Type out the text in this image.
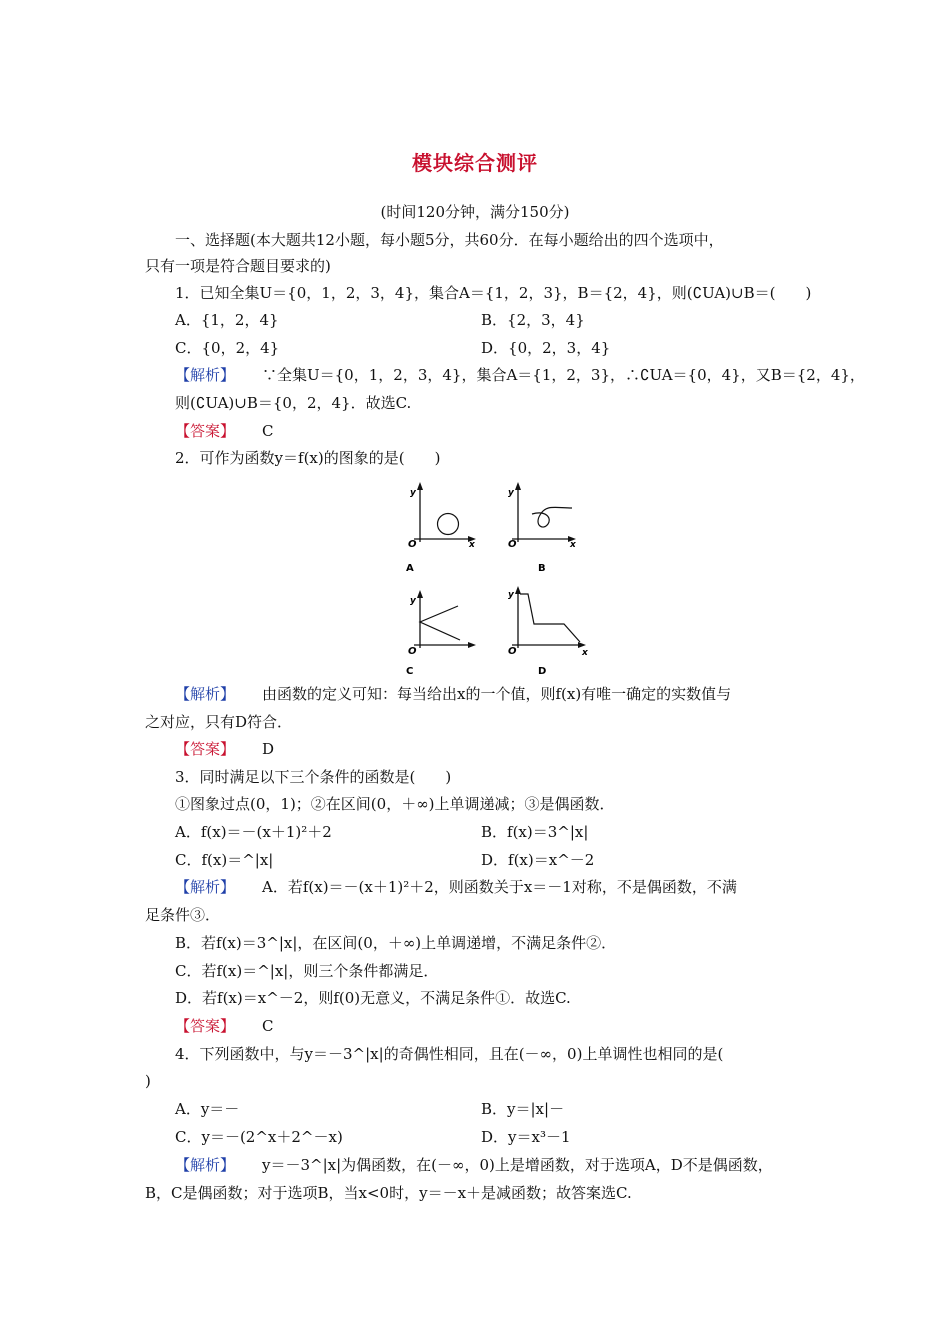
模块综合测评
(时间120分钟，满分150分)
一、选择题(本大题共12小题，每小题5分，共60分．在每小题给出的四个选项中，
只有一项是符合题目要求的)
1．已知全集U＝{0，1，2，3，4}，集合A＝{1，2，3}，B＝{2，4}，则(∁UA)∪B＝(　　)
A．{1，2，4}	B．{2，3，4}
C．{0，2，4}	D．{0，2，3，4}
【解析】 ∵全集U＝{0，1，2，3，4}，集合A＝{1，2，3}，∴∁UA＝{0，4}，又B＝{2，4}，
则(∁UA)∪B＝{0，2，4}．故选C.
【答案】 C
2．可作为函数y＝f(x)的图象的是(　　)
y
x
O
A
y
x
O
B
y
O
C
y
x
O
D
【解析】 由函数的定义可知：每当给出x的一个值，则f(x)有唯一确定的实数值与
之对应，只有D符合．
【答案】 D
3．同时满足以下三个条件的函数是(　　)
①图象过点(0，1)；②在区间(0，＋∞)上单调递减；③是偶函数．
A．f(x)＝－(x＋1)²＋2	B．f(x)＝3^|x|
C．f(x)＝^|x|	D．f(x)＝x^－2
【解析】 A．若f(x)＝－(x＋1)²＋2，则函数关于x＝－1对称，不是偶函数，不满
足条件③．
B．若f(x)＝3^|x|，在区间(0，＋∞)上单调递增，不满足条件②．
C．若f(x)＝^|x|，则三个条件都满足．
D．若f(x)＝x^－2，则f(0)无意义，不满足条件①．故选C.
【答案】 C
4．下列函数中，与y＝－3^|x|的奇偶性相同，且在(－∞，0)上单调性也相同的是(
)
A．y＝－	B．y＝|x|－
C．y＝－(2^x＋2^－x)	D．y＝x³－1
【解析】 y＝－3^|x|为偶函数，在(－∞，0)上是增函数，对于选项A，D不是偶函数，
B，C是偶函数；对于选项B，当x<0时，y＝－x＋是减函数；故答案选C.
